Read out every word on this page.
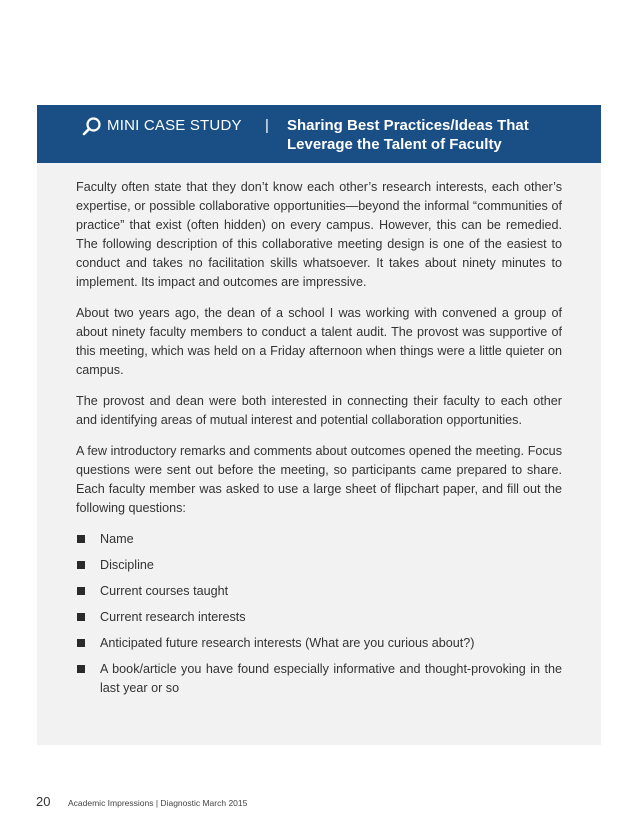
MINI CASE STUDY | Sharing Best Practices/Ideas That Leverage the Talent of Faculty

Faculty often state that they don’t know each other’s research interests, each other’s expertise, or possible collaborative opportunities—beyond the informal “communities of practice” that exist (often hidden) on every campus. However, this can be remedied. The following description of this collaborative meeting design is one of the easiest to conduct and takes no facilitation skills whatsoever. It takes about ninety minutes to implement. Its impact and outcomes are impressive.

About two years ago, the dean of a school I was working with convened a group of about ninety faculty members to conduct a talent audit. The provost was supportive of this meeting, which was held on a Friday afternoon when things were a little quieter on campus.

The provost and dean were both interested in connecting their faculty to each other and identifying areas of mutual interest and potential collaboration opportunities.

A few introductory remarks and comments about outcomes opened the meeting. Focus questions were sent out before the meeting, so participants came prepared to share. Each faculty member was asked to use a large sheet of flipchart paper, and fill out the following questions:

Name
Discipline
Current courses taught
Current research interests
Anticipated future research interests (What are you curious about?)
A book/article you have found especially informative and thought-provoking in the last year or so
20 Academic Impressions | Diagnostic March 2015
